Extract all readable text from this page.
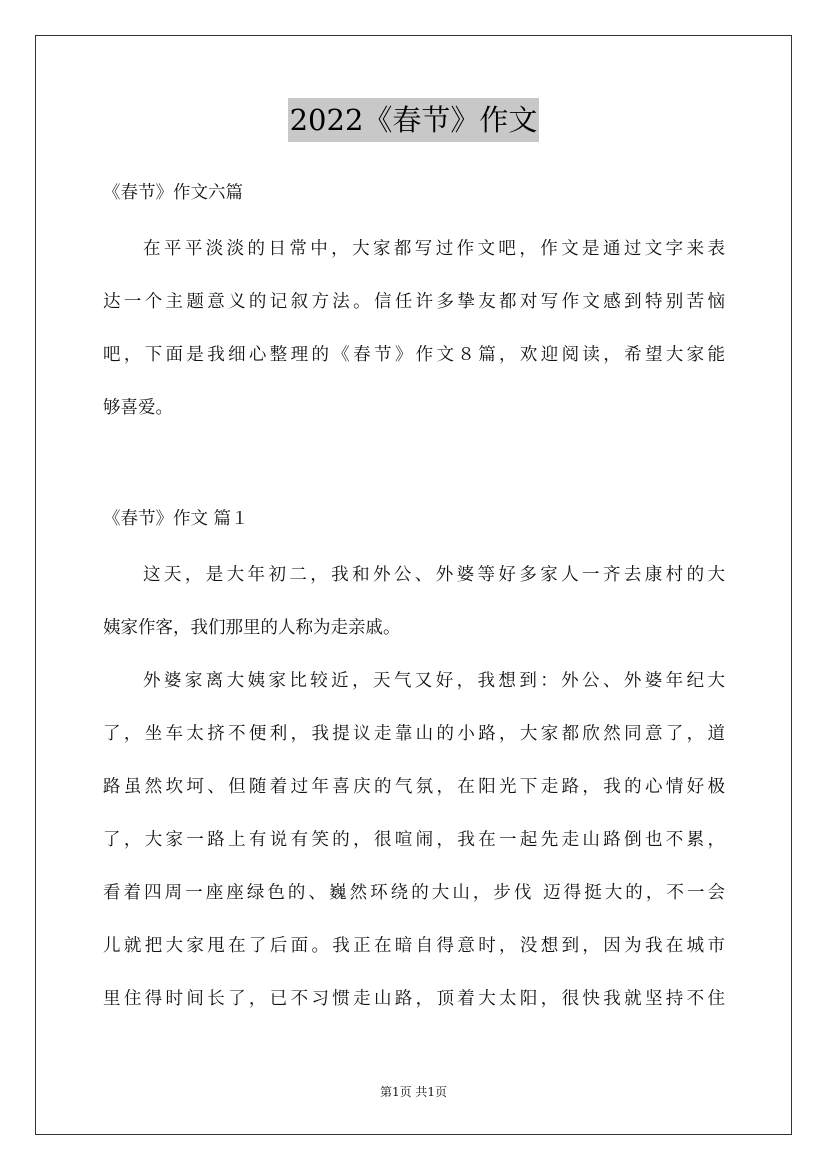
2022《春节》作文
《春节》作文六篇
在平平淡淡的日常中，大家都写过作文吧，作文是通过文字来表
达一个主题意义的记叙方法。信任许多挚友都对写作文感到特别苦恼
吧，下面是我细心整理的《春节》作文８篇，欢迎阅读，希望大家能
够喜爱。
《春节》作文 篇１
这天，是大年初二，我和外公、外婆等好多家人一齐去康村的大
姨家作客，我们那里的人称为走亲戚。
外婆家离大姨家比较近，天气又好，我想到：外公、外婆年纪大
了，坐车太挤不便利，我提议走靠山的小路，大家都欣然同意了，道
路虽然坎坷、但随着过年喜庆的气氛，在阳光下走路，我的心情好极
了，大家一路上有说有笑的，很喧闹，我在一起先走山路倒也不累，
看着四周一座座绿色的、巍然环绕的大山，步伐 迈得挺大的，不一会
儿就把大家甩在了后面。我正在暗自得意时，没想到，因为我在城市
里住得时间长了，已不习惯走山路，顶着大太阳，很快我就坚持不住
第1页 共1页
